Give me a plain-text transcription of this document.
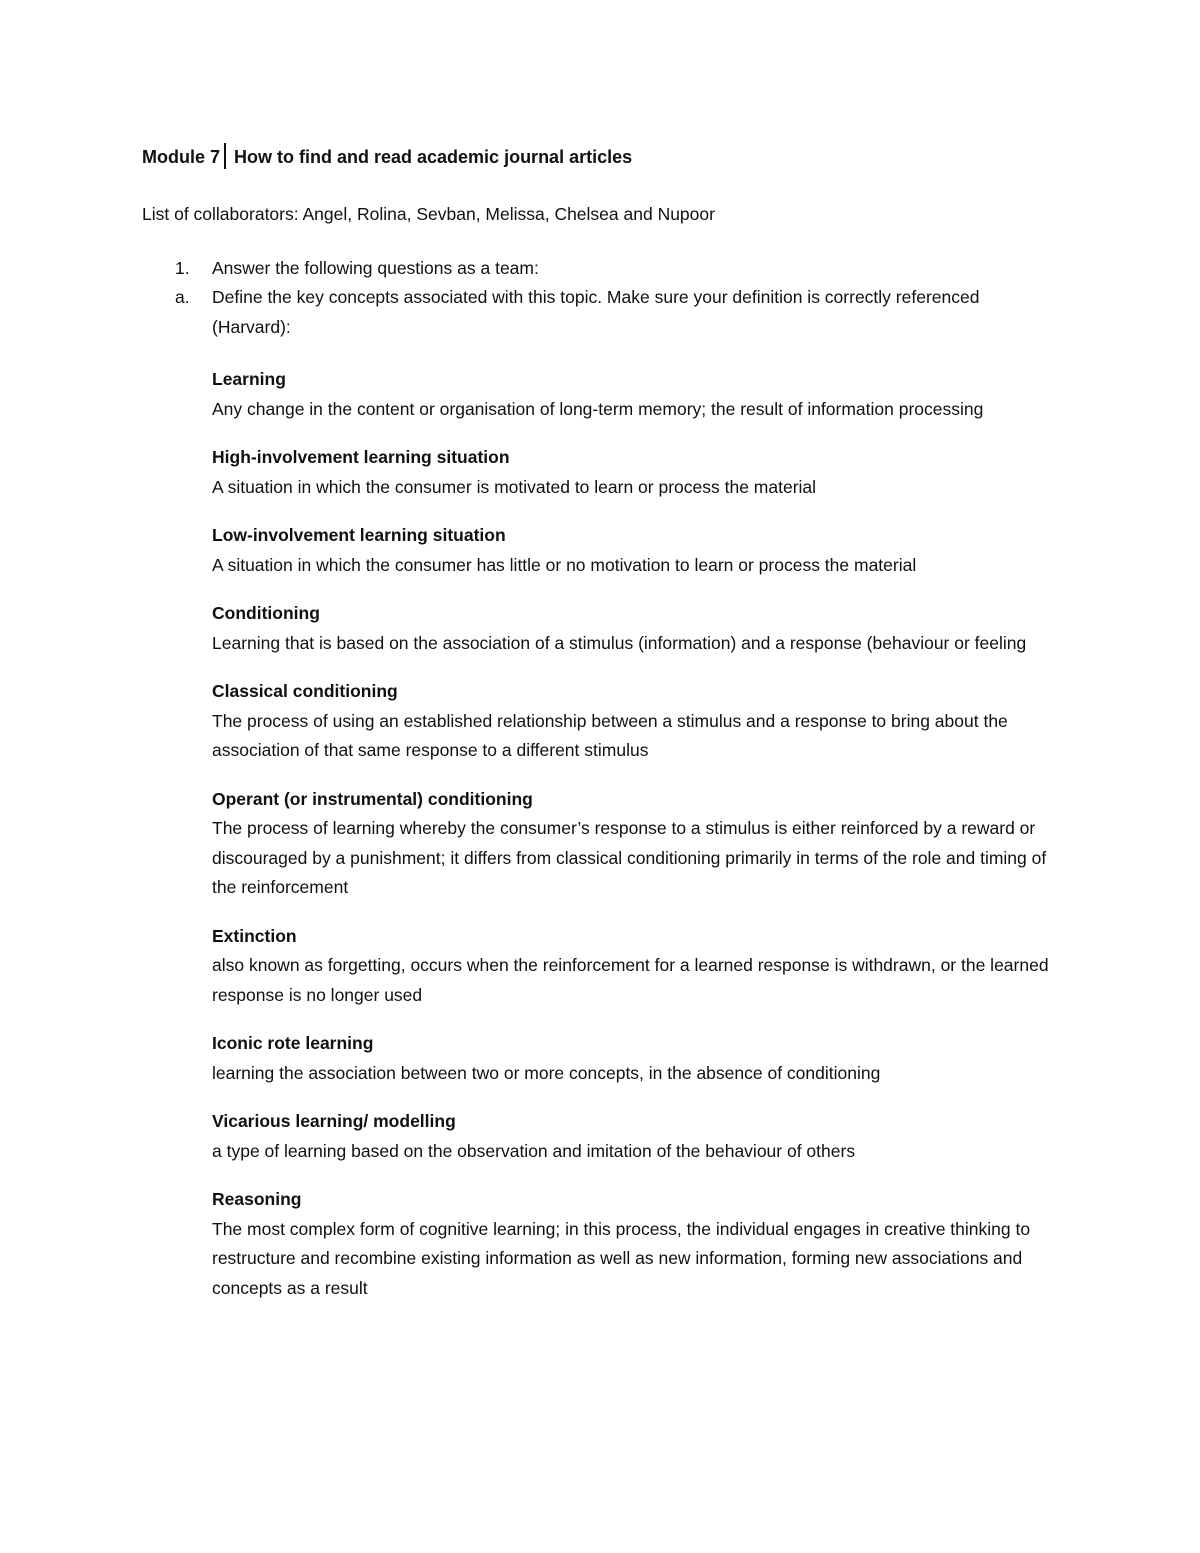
Module 7 How to find and read academic journal articles
List of collaborators: Angel, Rolina, Sevban, Melissa, Chelsea and Nupoor
1. Answer the following questions as a team:
a. Define the key concepts associated with this topic. Make sure your definition is correctly referenced (Harvard):
Learning
Any change in the content or organisation of long-term memory; the result of information processing
High-involvement learning situation
A situation in which the consumer is motivated to learn or process the material
Low-involvement learning situation
A situation in which the consumer has little or no motivation to learn or process the material
Conditioning
Learning that is based on the association of a stimulus (information) and a response (behaviour or feeling
Classical conditioning
The process of using an established relationship between a stimulus and a response to bring about the association of that same response to a different stimulus
Operant (or instrumental) conditioning
The process of learning whereby the consumer’s response to a stimulus is either reinforced by a reward or discouraged by a punishment; it differs from classical conditioning primarily in terms of the role and timing of the reinforcement
Extinction
also known as forgetting, occurs when the reinforcement for a learned response is withdrawn, or the learned response is no longer used
Iconic rote learning
learning the association between two or more concepts, in the absence of conditioning
Vicarious learning/ modelling
a type of learning based on the observation and imitation of the behaviour of others
Reasoning
The most complex form of cognitive learning; in this process, the individual engages in creative thinking to restructure and recombine existing information as well as new information, forming new associations and concepts as a result
